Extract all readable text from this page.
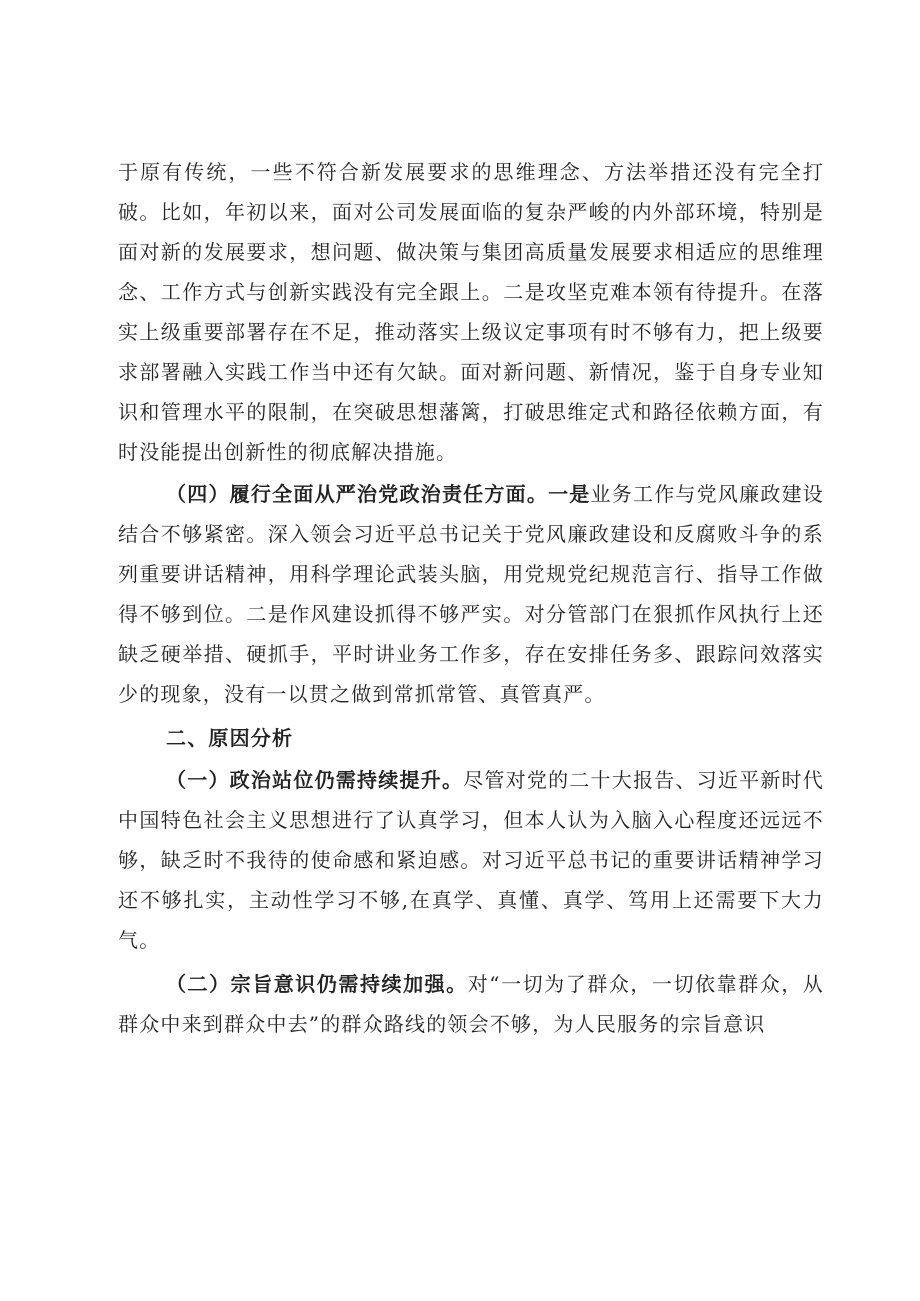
于原有传统，一些不符合新发展要求的思维理念、方法举措还没有完全打破。比如，年初以来，面对公司发展面临的复杂严峻的内外部环境，特别是面对新的发展要求，想问题、做决策与集团高质量发展要求相适应的思维理念、工作方式与创新实践没有完全跟上。二是攻坚克难本领有待提升。在落实上级重要部署存在不足，推动落实上级议定事项有时不够有力，把上级要求部署融入实践工作当中还有欠缺。面对新问题、新情况，鉴于自身专业知识和管理水平的限制，在突破思想藩篱，打破思维定式和路径依赖方面，有时没能提出创新性的彻底解决措施。

（四）履行全面从严治党政治责任方面。一是业务工作与党风廉政建设结合不够紧密。深入领会习近平总书记关于党风廉政建设和反腐败斗争的系列重要讲话精神，用科学理论武装头脑，用党规党纪规范言行、指导工作做得不够到位。二是作风建设抓得不够严实。对分管部门在狠抓作风执行上还缺乏硬举措、硬抓手，平时讲业务工作多，存在安排任务多、跟踪问效落实少的现象，没有一以贯之做到常抓常管、真管真严。

二、原因分析

（一）政治站位仍需持续提升。尽管对党的二十大报告、习近平新时代中国特色社会主义思想进行了认真学习，但本人认为入脑入心程度还远远不够，缺乏时不我待的使命感和紧迫感。对习近平总书记的重要讲话精神学习还不够扎实，主动性学习不够,在真学、真懂、真学、笃用上还需要下大力气。

（二）宗旨意识仍需持续加强。对“一切为了群众，一切依靠群众，从群众中来到群众中去”的群众路线的领会不够，为人民服务的宗旨意识
